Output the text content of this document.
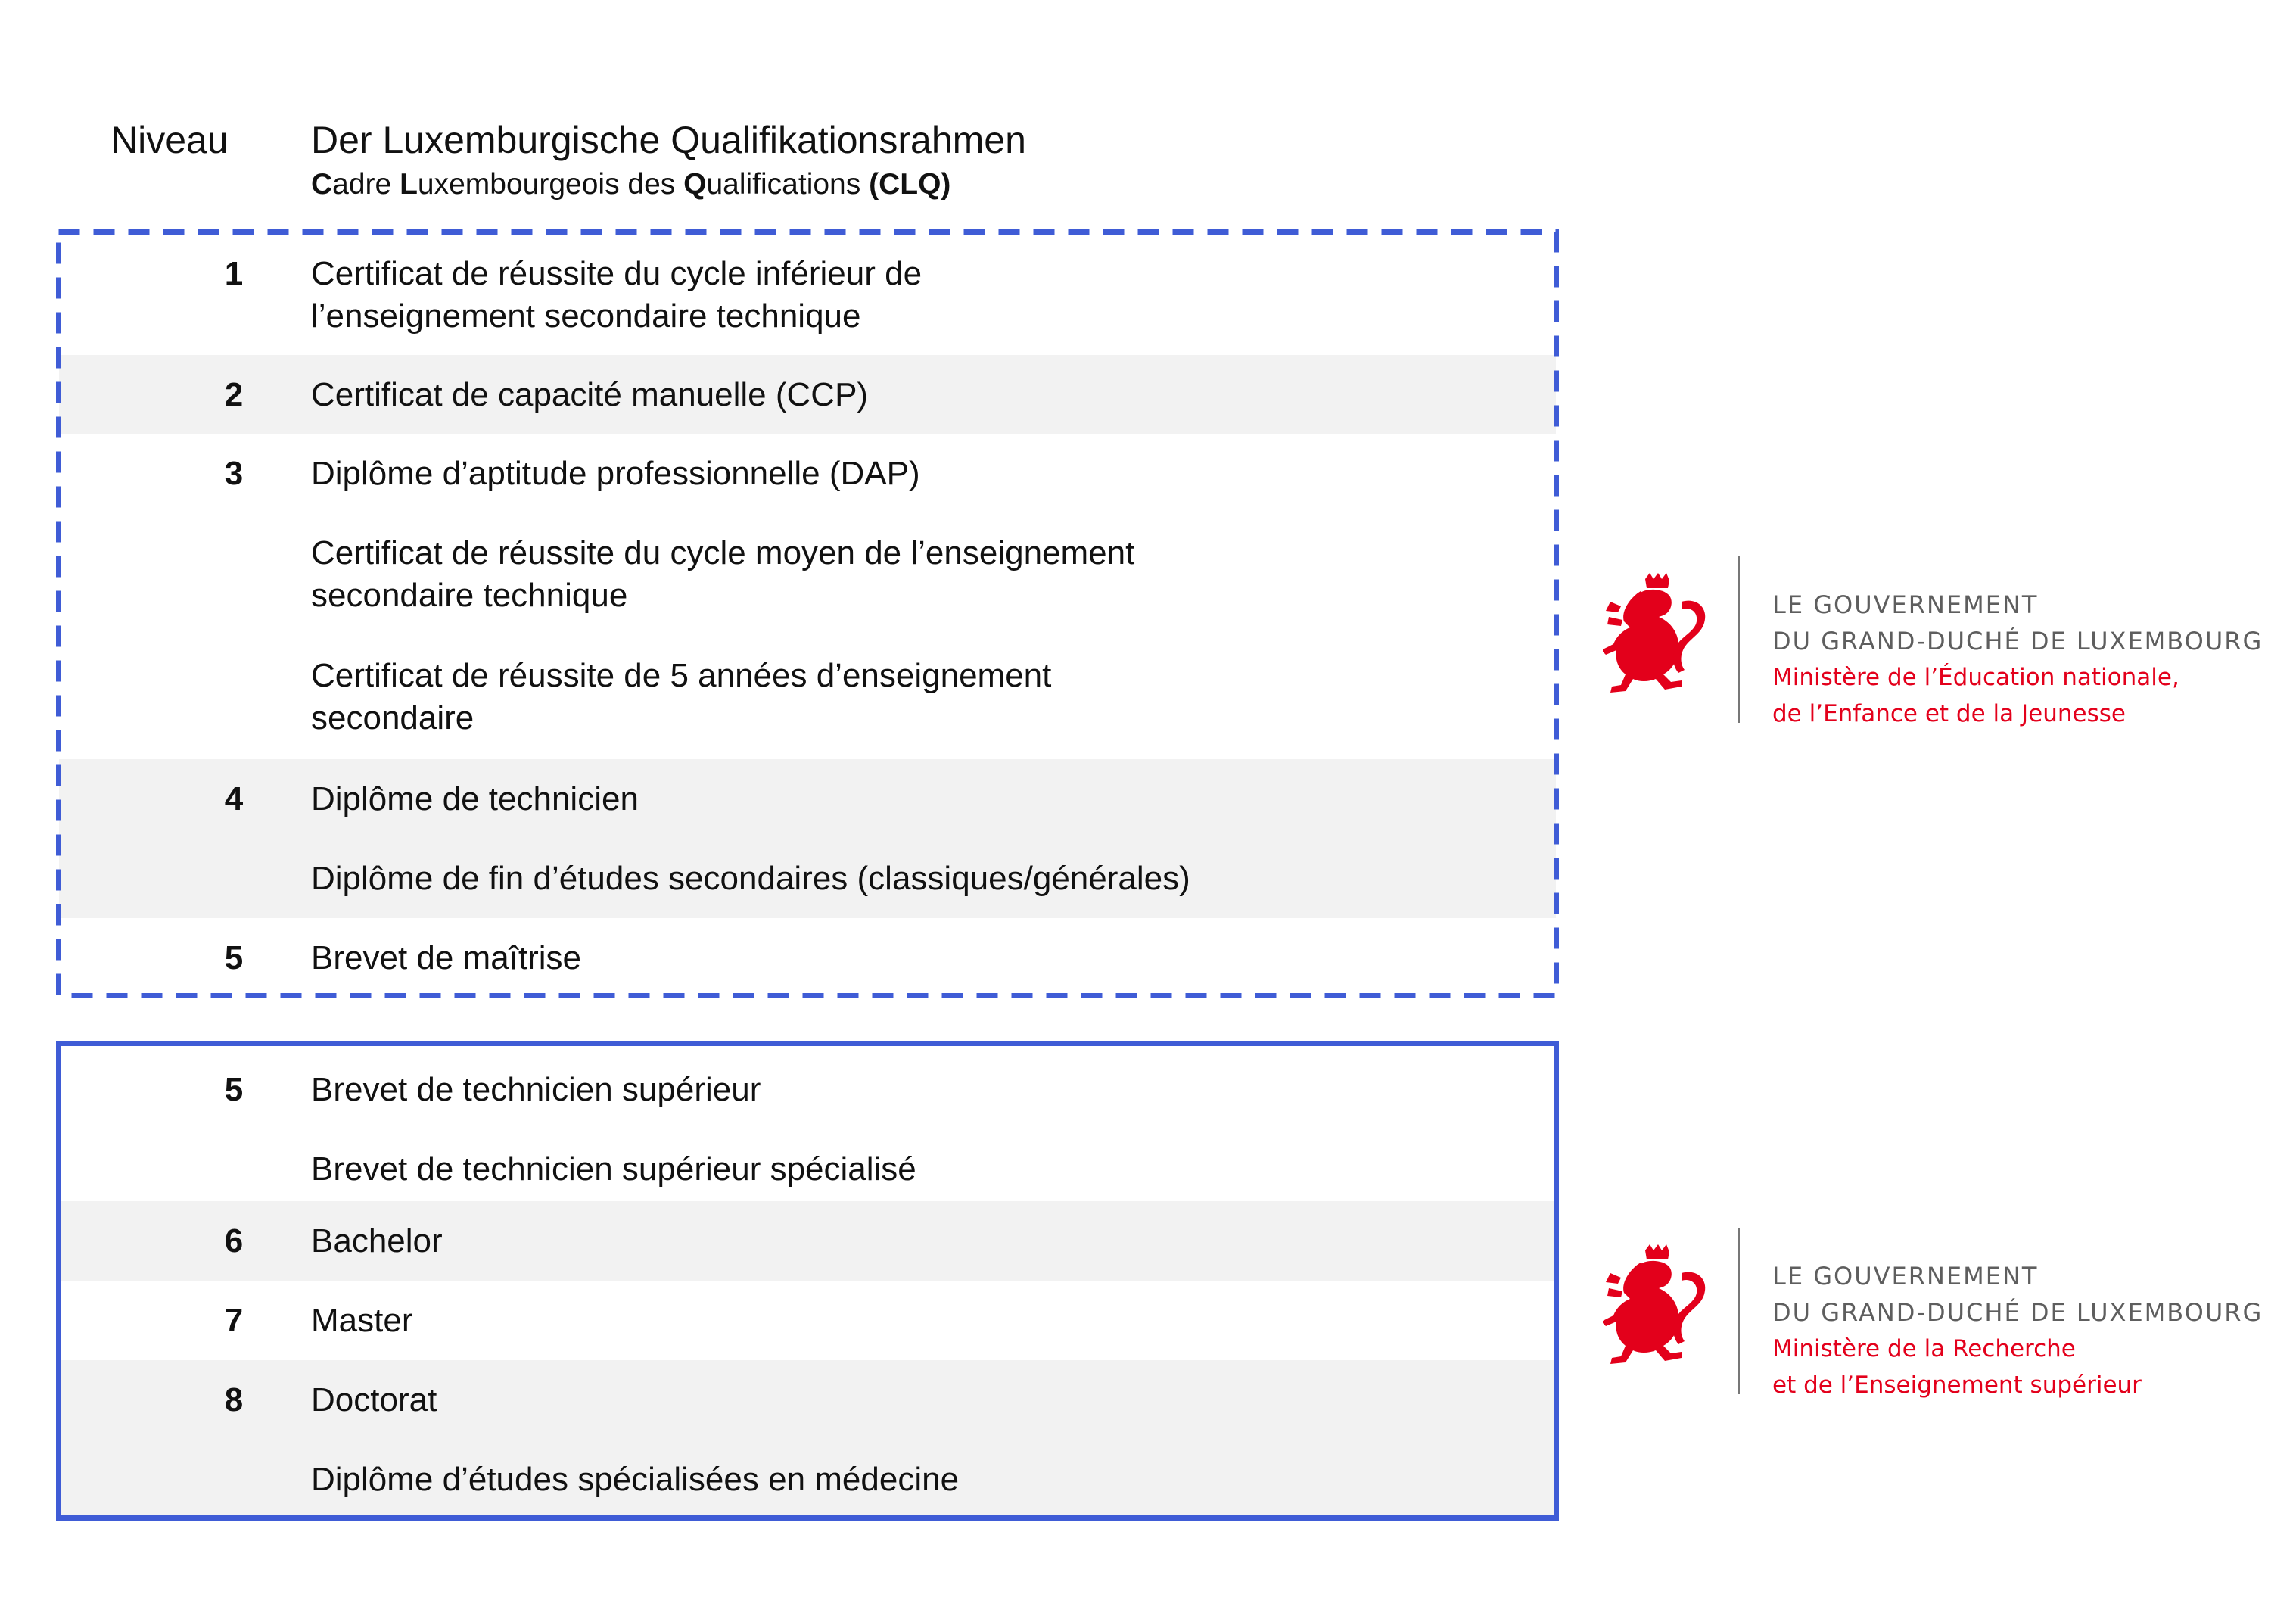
Niveau Der Luxemburgische Qualifikationsrahmen
Cadre Luxembourgeois des Qualifications (CLQ)
1	Certificat de réussite du cycle inférieur de
l’enseignement secondaire technique
2	Certificat de capacité manuelle (CCP)
3	Diplôme d’aptitude professionnelle (DAP)
Certificat de réussite du cycle moyen de l’enseignement
secondaire technique
Certificat de réussite de 5 années d’enseignement
secondaire
4	Diplôme de technicien
Diplôme de fin d’études secondaires (classiques/générales)
5	Brevet de maîtrise
5	Brevet de technicien supérieur
Brevet de technicien supérieur spécialisé
6	Bachelor
7	Master
8	Doctorat
Diplôme d’études spécialisées en médecine
LE GOUVERNEMENT
DU GRAND-DUCHÉ DE LUXEMBOURG
Ministère de l’Éducation nationale,
de l’Enfance et de la Jeunesse
LE GOUVERNEMENT
DU GRAND-DUCHÉ DE LUXEMBOURG
Ministère de la Recherche
et de l’Enseignement supérieur
